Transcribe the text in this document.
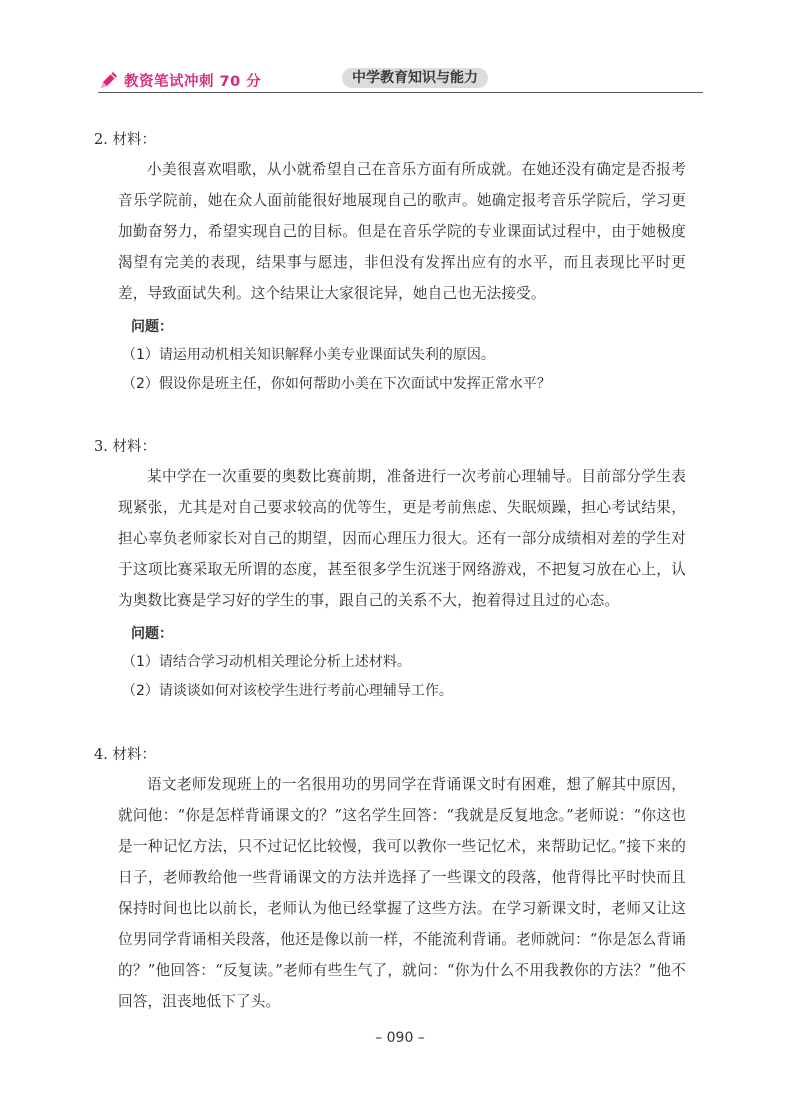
教资笔试冲刺 70 分	中学教育知识与能力

2. 材料：

小美很喜欢唱歌，从小就希望自己在音乐方面有所成就。在她还没有确定是否报考音乐学院前，她在众人面前能很好地展现自己的歌声。她确定报考音乐学院后，学习更加勤奋努力，希望实现自己的目标。但是在音乐学院的专业课面试过程中，由于她极度渴望有完美的表现，结果事与愿违，非但没有发挥出应有的水平，而且表现比平时更差，导致面试失利。这个结果让大家很诧异，她自己也无法接受。

问题：

（1）请运用动机相关知识解释小美专业课面试失利的原因。

（2）假设你是班主任，你如何帮助小美在下次面试中发挥正常水平？

3. 材料：

某中学在一次重要的奥数比赛前期，准备进行一次考前心理辅导。目前部分学生表现紧张，尤其是对自己要求较高的优等生，更是考前焦虑、失眠烦躁，担心考试结果，担心辜负老师家长对自己的期望，因而心理压力很大。还有一部分成绩相对差的学生对于这项比赛采取无所谓的态度，甚至很多学生沉迷于网络游戏，不把复习放在心上，认为奥数比赛是学习好的学生的事，跟自己的关系不大，抱着得过且过的心态。

问题：

（1）请结合学习动机相关理论分析上述材料。

（2）请谈谈如何对该校学生进行考前心理辅导工作。

4. 材料：

语文老师发现班上的一名很用功的男同学在背诵课文时有困难，想了解其中原因，就问他：“你是怎样背诵课文的？”这名学生回答：“我就是反复地念。”老师说：“你这也是一种记忆方法，只不过记忆比较慢，我可以教你一些记忆术，来帮助记忆。”接下来的日子，老师教给他一些背诵课文的方法并选择了一些课文的段落，他背得比平时快而且保持时间也比以前长，老师认为他已经掌握了这些方法。在学习新课文时，老师又让这位男同学背诵相关段落，他还是像以前一样，不能流利背诵。老师就问：“你是怎么背诵的？”他回答：“反复读。”老师有些生气了，就问：“你为什么不用我教你的方法？”他不回答，沮丧地低下了头。

– 090 –
